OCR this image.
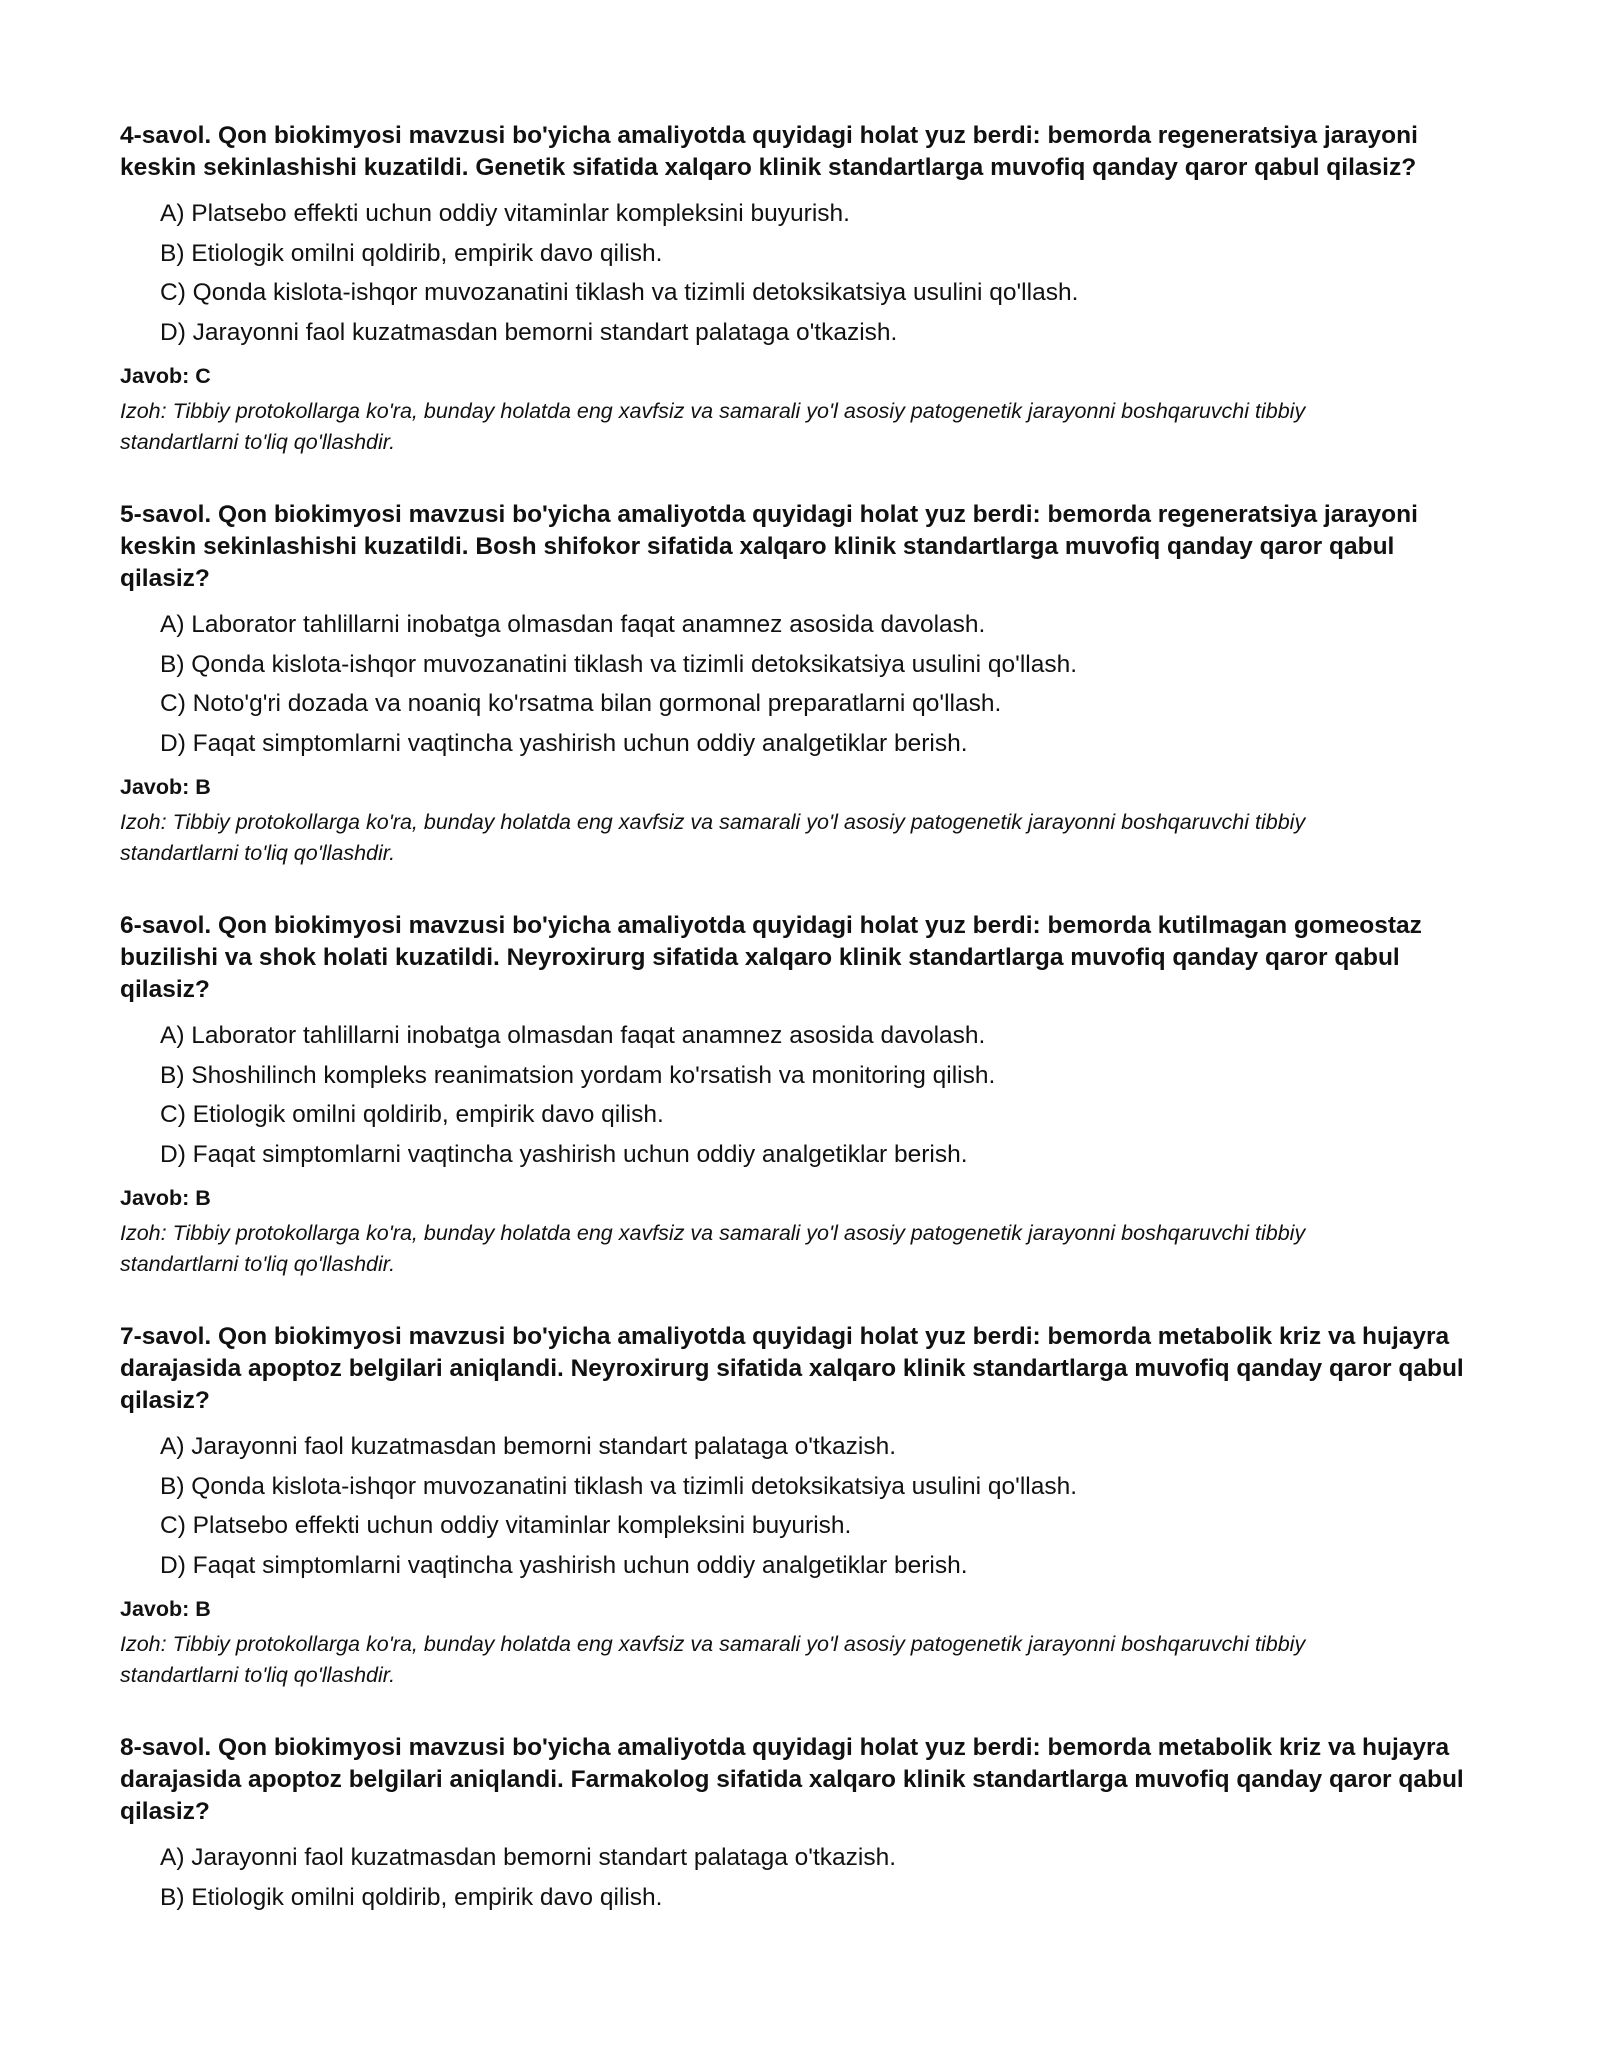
4-savol. Qon biokimyosi mavzusi bo'yicha amaliyotda quyidagi holat yuz berdi: bemorda regeneratsiya jarayoni keskin sekinlashishi kuzatildi. Genetik sifatida xalqaro klinik standartlarga muvofiq qanday qaror qabul qilasiz?

A) Platsebo effekti uchun oddiy vitaminlar kompleksini buyurish.
B) Etiologik omilni qoldirib, empirik davo qilish.
C) Qonda kislota-ishqor muvozanatini tiklash va tizimli detoksikatsiya usulini qo'llash.
D) Jarayonni faol kuzatmasdan bemorni standart palataga o'tkazish.
Javob: C
Izoh: Tibbiy protokollarga ko'ra, bunday holatda eng xavfsiz va samarali yo'l asosiy patogenetik jarayonni boshqaruvchi tibbiy standartlarni to'liq qo'llashdir.

5-savol. Qon biokimyosi mavzusi bo'yicha amaliyotda quyidagi holat yuz berdi: bemorda regeneratsiya jarayoni keskin sekinlashishi kuzatildi. Bosh shifokor sifatida xalqaro klinik standartlarga muvofiq qanday qaror qabul qilasiz?

A) Laborator tahlillarni inobatga olmasdan faqat anamnez asosida davolash.
B) Qonda kislota-ishqor muvozanatini tiklash va tizimli detoksikatsiya usulini qo'llash.
C) Noto'g'ri dozada va noaniq ko'rsatma bilan gormonal preparatlarni qo'llash.
D) Faqat simptomlarni vaqtincha yashirish uchun oddiy analgetiklar berish.
Javob: B
Izoh: Tibbiy protokollarga ko'ra, bunday holatda eng xavfsiz va samarali yo'l asosiy patogenetik jarayonni boshqaruvchi tibbiy standartlarni to'liq qo'llashdir.

6-savol. Qon biokimyosi mavzusi bo'yicha amaliyotda quyidagi holat yuz berdi: bemorda kutilmagan gomeostaz buzilishi va shok holati kuzatildi. Neyroxirurg sifatida xalqaro klinik standartlarga muvofiq qanday qaror qabul qilasiz?

A) Laborator tahlillarni inobatga olmasdan faqat anamnez asosida davolash.
B) Shoshilinch kompleks reanimatsion yordam ko'rsatish va monitoring qilish.
C) Etiologik omilni qoldirib, empirik davo qilish.
D) Faqat simptomlarni vaqtincha yashirish uchun oddiy analgetiklar berish.
Javob: B
Izoh: Tibbiy protokollarga ko'ra, bunday holatda eng xavfsiz va samarali yo'l asosiy patogenetik jarayonni boshqaruvchi tibbiy standartlarni to'liq qo'llashdir.

7-savol. Qon biokimyosi mavzusi bo'yicha amaliyotda quyidagi holat yuz berdi: bemorda metabolik kriz va hujayra darajasida apoptoz belgilari aniqlandi. Neyroxirurg sifatida xalqaro klinik standartlarga muvofiq qanday qaror qabul qilasiz?

A) Jarayonni faol kuzatmasdan bemorni standart palataga o'tkazish.
B) Qonda kislota-ishqor muvozanatini tiklash va tizimli detoksikatsiya usulini qo'llash.
C) Platsebo effekti uchun oddiy vitaminlar kompleksini buyurish.
D) Faqat simptomlarni vaqtincha yashirish uchun oddiy analgetiklar berish.
Javob: B
Izoh: Tibbiy protokollarga ko'ra, bunday holatda eng xavfsiz va samarali yo'l asosiy patogenetik jarayonni boshqaruvchi tibbiy standartlarni to'liq qo'llashdir.

8-savol. Qon biokimyosi mavzusi bo'yicha amaliyotda quyidagi holat yuz berdi: bemorda metabolik kriz va hujayra darajasida apoptoz belgilari aniqlandi. Farmakolog sifatida xalqaro klinik standartlarga muvofiq qanday qaror qabul qilasiz?

A) Jarayonni faol kuzatmasdan bemorni standart palataga o'tkazish.
B) Etiologik omilni qoldirib, empirik davo qilish.
